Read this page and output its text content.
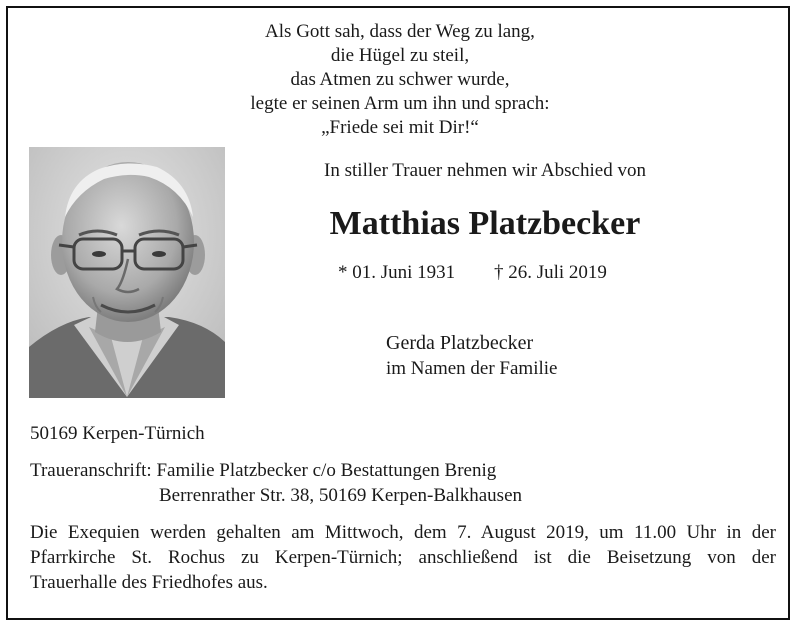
Als Gott sah, dass der Weg zu lang,
die Hügel zu steil,
das Atmen zu schwer wurde,
legte er seinen Arm um ihn und sprach:
„Friede sei mit Dir!“
In stiller Trauer nehmen wir Abschied von
Matthias Platzbecker
* 01. Juni 1931 † 26. Juli 2019
Gerda Platzbecker
im Namen der Familie
50169 Kerpen-Türnich
Traueranschrift: Familie Platzbecker c/o Bestattungen Brenig
Berrenrather Str. 38, 50169 Kerpen-Balkhausen
Die Exequien werden gehalten am Mittwoch, dem 7. August 2019, um 11.00 Uhr in der
Pfarrkirche St. Rochus zu Kerpen-Türnich; anschließend ist die Beisetzung von der
Trauerhalle des Friedhofes aus.
